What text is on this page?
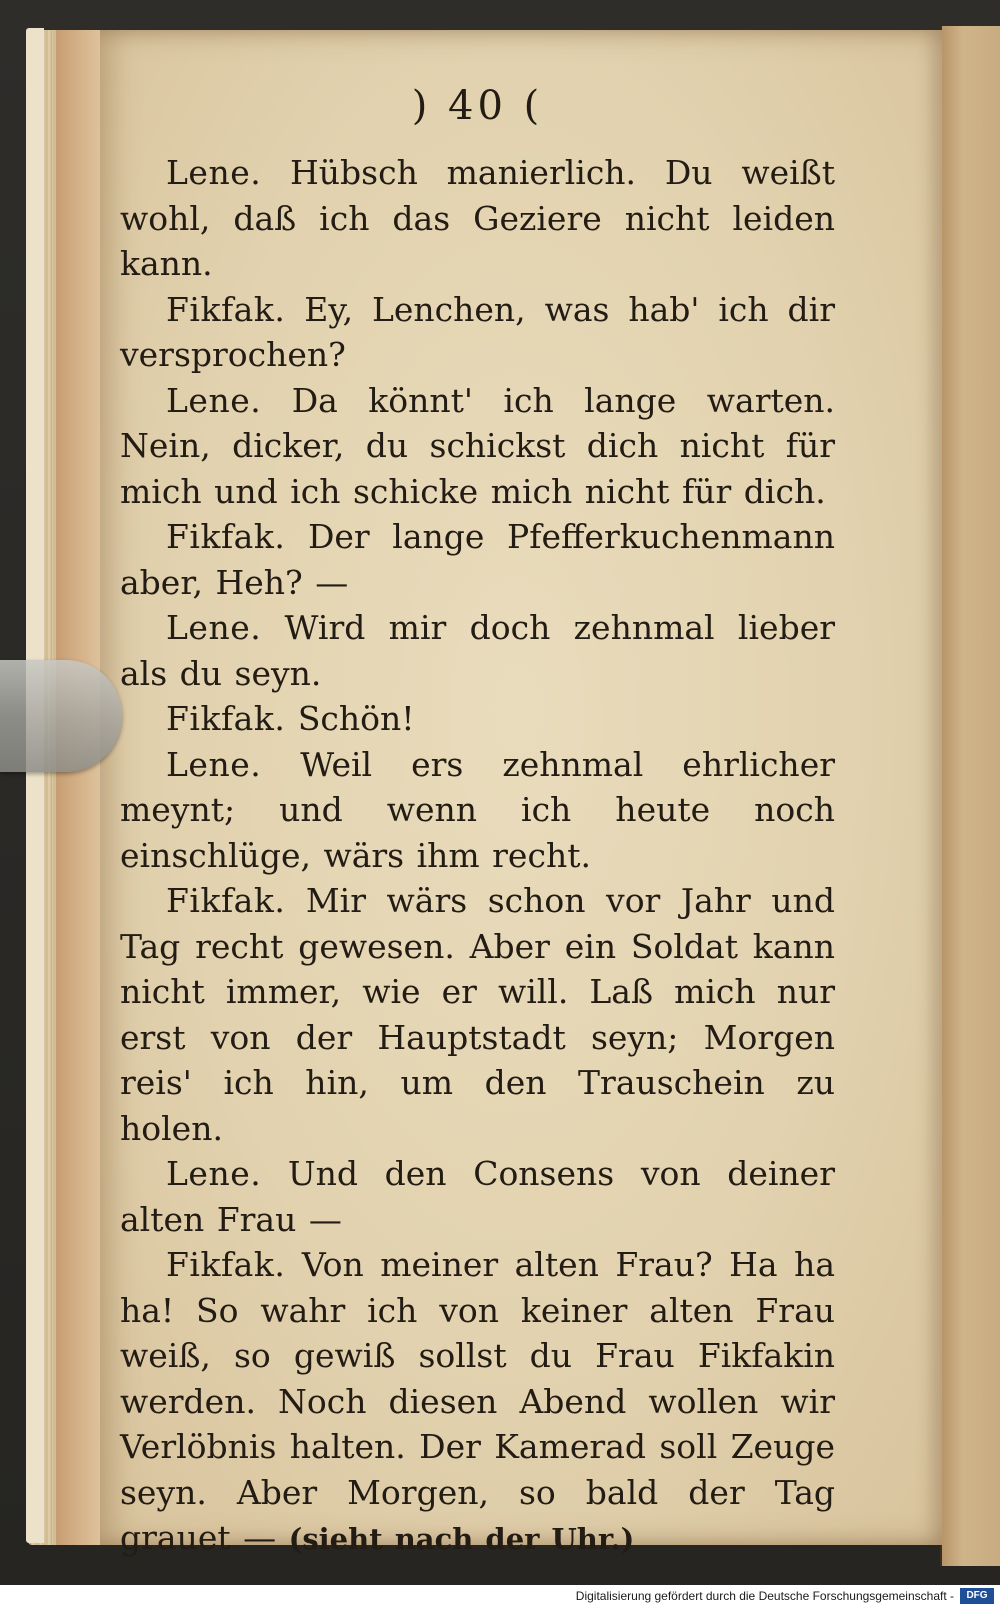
) 40 (

Lene. Hübsch manierlich. Du weißt wohl, daß ich das Geziere nicht leiden kann.

Fikfak. Ey, Lenchen, was hab' ich dir versprochen?

Lene. Da könnt' ich lange warten. Nein, dicker, du schickst dich nicht für mich und ich schicke mich nicht für dich.

Fikfak. Der lange Pfefferkuchenmann aber, Heh? —

Lene. Wird mir doch zehnmal lieber als du seyn.

Fikfak. Schön!

Lene. Weil ers zehnmal ehrlicher meynt; und wenn ich heute noch einschlüge, wärs ihm recht.

Fikfak. Mir wärs schon vor Jahr und Tag recht gewesen. Aber ein Soldat kann nicht immer, wie er will. Laß mich nur erst von der Hauptstadt seyn; Morgen reis' ich hin, um den Trauschein zu holen.

Lene. Und den Consens von deiner alten Frau —

Fikfak. Von meiner alten Frau? Ha ha ha! So wahr ich von keiner alten Frau weiß, so gewiß sollst du Frau Fikfakin werden. Noch diesen Abend wollen wir Verlöbnis halten. Der Kamerad soll Zeuge seyn. Aber Morgen, so bald der Tag grauet — (sieht nach der Uhr.)

Digitalisierung gefördert durch die Deutsche Forschungsgemeinschaft -	DFG
